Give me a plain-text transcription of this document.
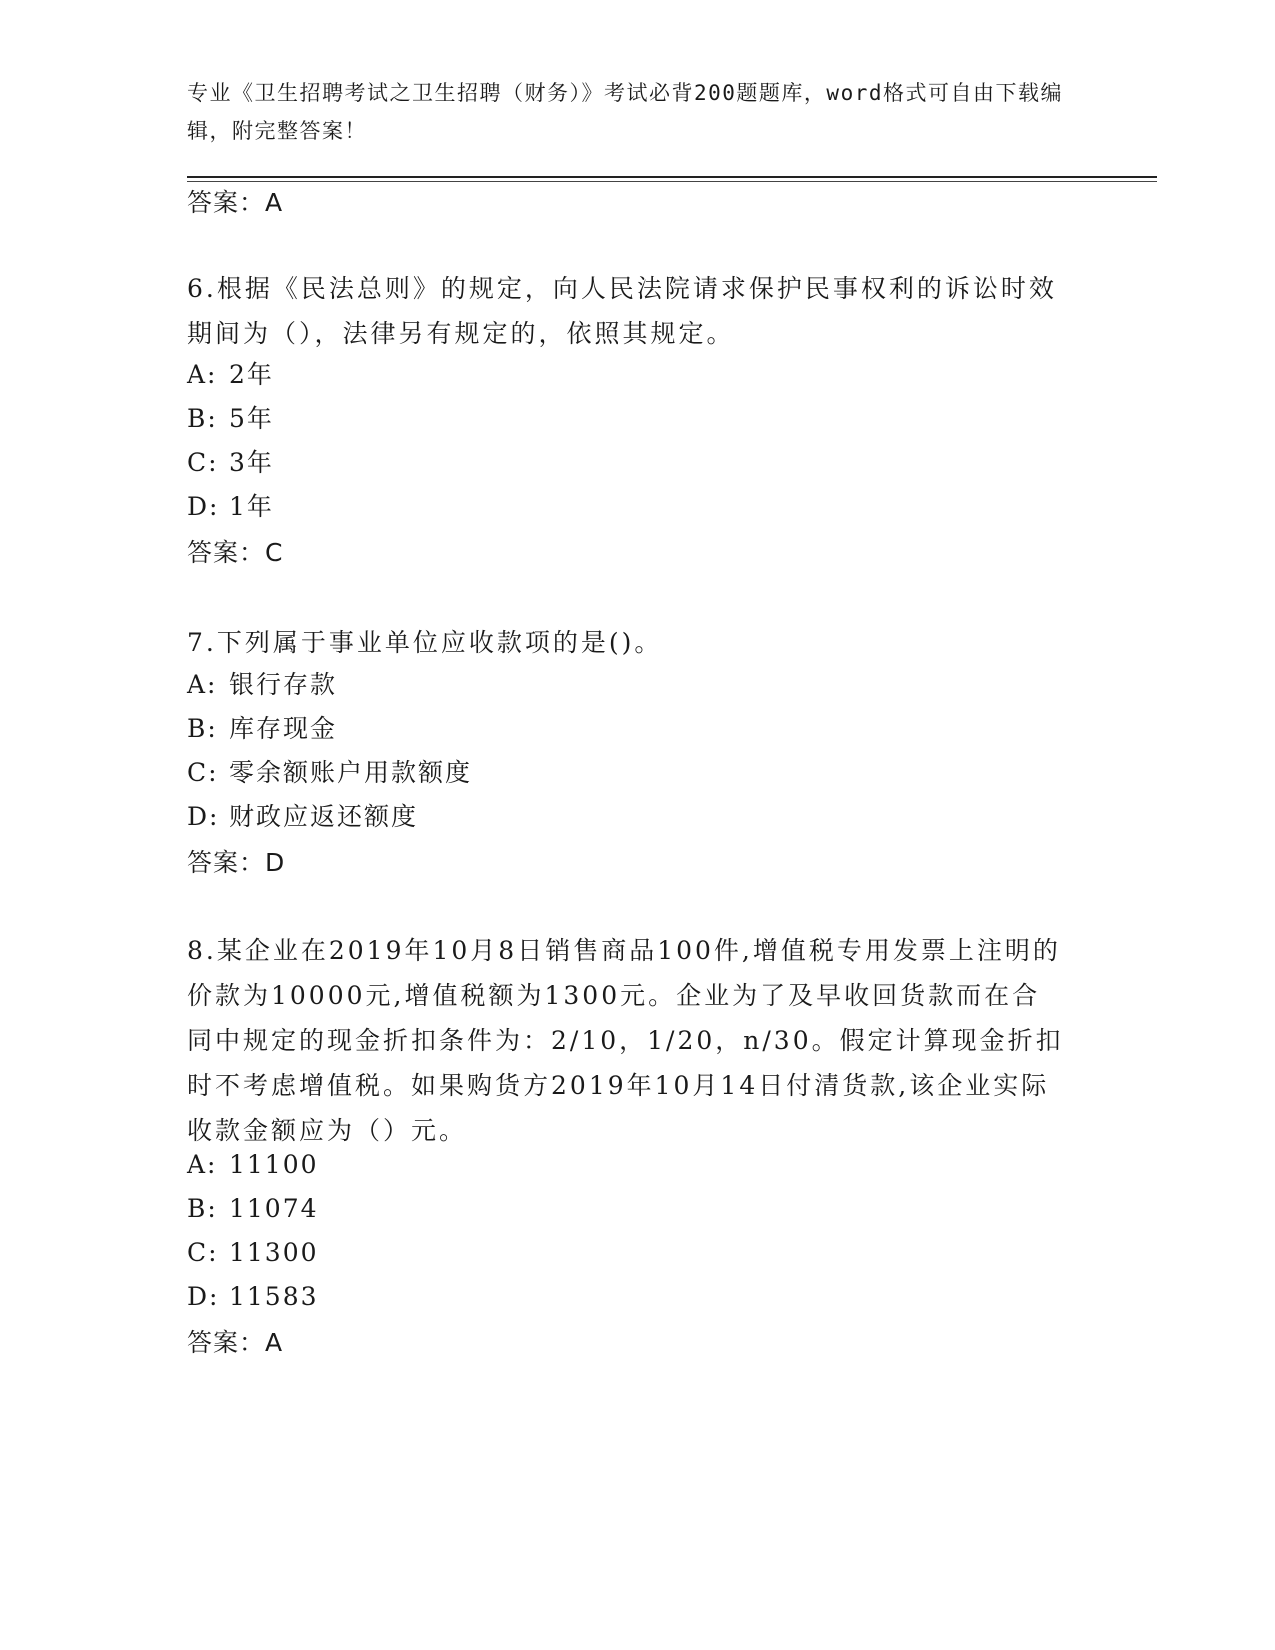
专业《卫生招聘考试之卫生招聘（财务）》考试必背200题题库，word格式可自由下载编辑，附完整答案！
答案：A
6.根据《民法总则》的规定，向人民法院请求保护民事权利的诉讼时效期间为（），法律另有规定的，依照其规定。
A: 2年
B: 5年
C: 3年
D: 1年
答案：C
7.下列属于事业单位应收款项的是()。
A: 银行存款
B: 库存现金
C: 零余额账户用款额度
D: 财政应返还额度
答案：D
8.某企业在2019年10月8日销售商品100件,增值税专用发票上注明的价款为10000元,增值税额为1300元。企业为了及早收回货款而在合同中规定的现金折扣条件为：2/10，1/20，n/30。假定计算现金折扣时不考虑增值税。如果购货方2019年10月14日付清货款,该企业实际收款金额应为（）元。
A: 11100
B: 11074
C: 11300
D: 11583
答案：A
